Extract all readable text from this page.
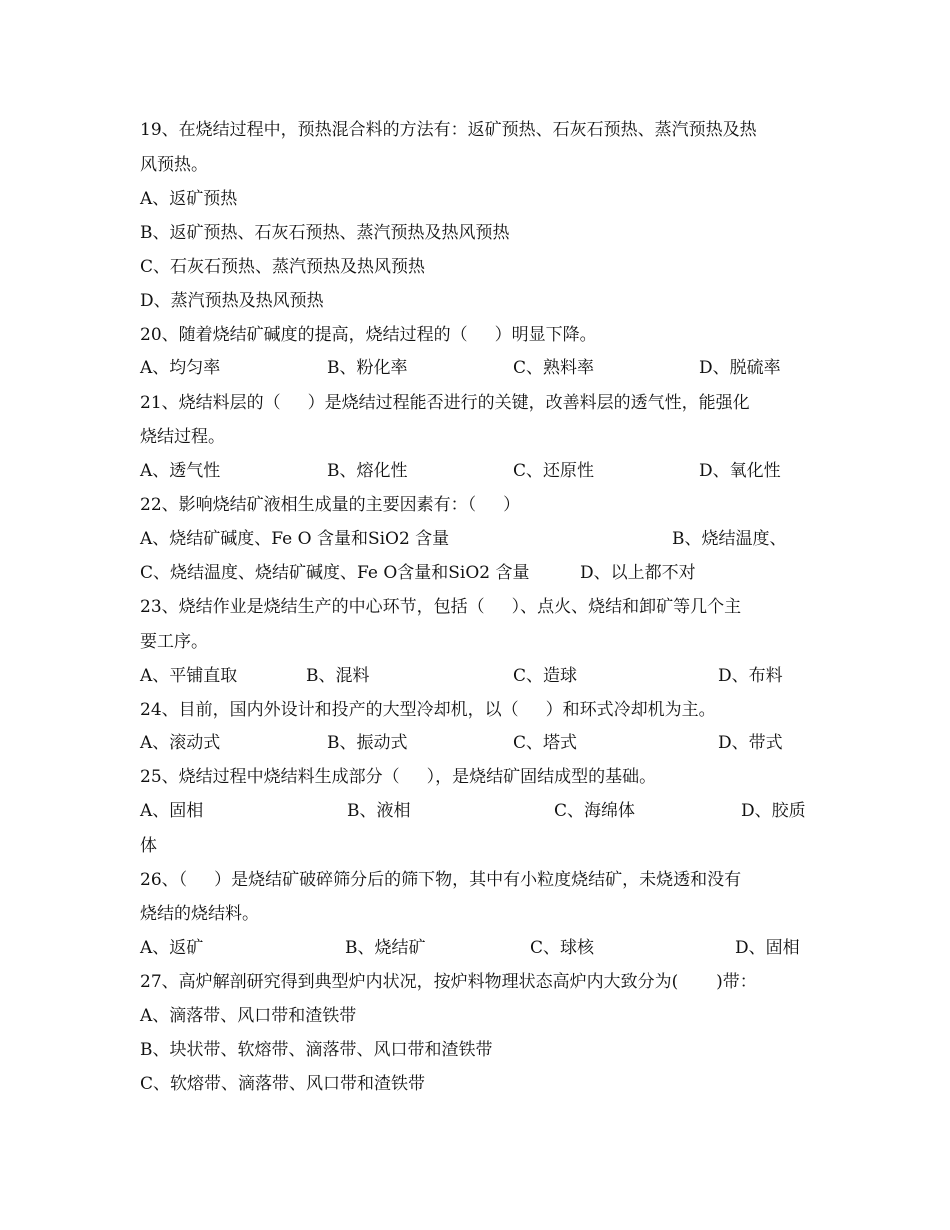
19、在烧结过程中，预热混合料的方法有：返矿预热、石灰石预热、蒸汽预热及热
风预热。
A、返矿预热
B、返矿预热、石灰石预热、蒸汽预热及热风预热
C、石灰石预热、蒸汽预热及热风预热
D、蒸汽预热及热风预热
20、随着烧结矿碱度的提高，烧结过程的（     ）明显下降。
A、均匀率	B、粉化率	C、熟料率	D、脱硫率
21、烧结料层的（     ）是烧结过程能否进行的关键，改善料层的透气性，能强化
烧结过程。
A、透气性	B、熔化性	C、还原性	D、氧化性
22、影响烧结矿液相生成量的主要因素有：（     ）
A、烧结矿碱度、Fe O 含量和SiO2 含量	B、烧结温度、
C、烧结温度、烧结矿碱度、Fe O含量和SiO2 含量	D、以上都不对
23、烧结作业是烧结生产的中心环节，包括（     ）、点火、烧结和卸矿等几个主
要工序。
A、平铺直取	B、混料	C、造球	D、布料
24、目前，国内外设计和投产的大型冷却机，以（     ）和环式冷却机为主。
A、滚动式	B、振动式	C、塔式	D、带式
25、烧结过程中烧结料生成部分（     ），是烧结矿固结成型的基础。
A、固相	B、液相	C、海绵体	D、胶质
体
26、（     ）是烧结矿破碎筛分后的筛下物，其中有小粒度烧结矿，未烧透和没有
烧结的烧结料。
A、返矿	B、烧结矿	C、球核	D、固相
27、高炉解剖研究得到典型炉内状况，按炉料物理状态高炉内大致分为(       )带：
A、滴落带、风口带和渣铁带
B、块状带、软熔带、滴落带、风口带和渣铁带
C、软熔带、滴落带、风口带和渣铁带
